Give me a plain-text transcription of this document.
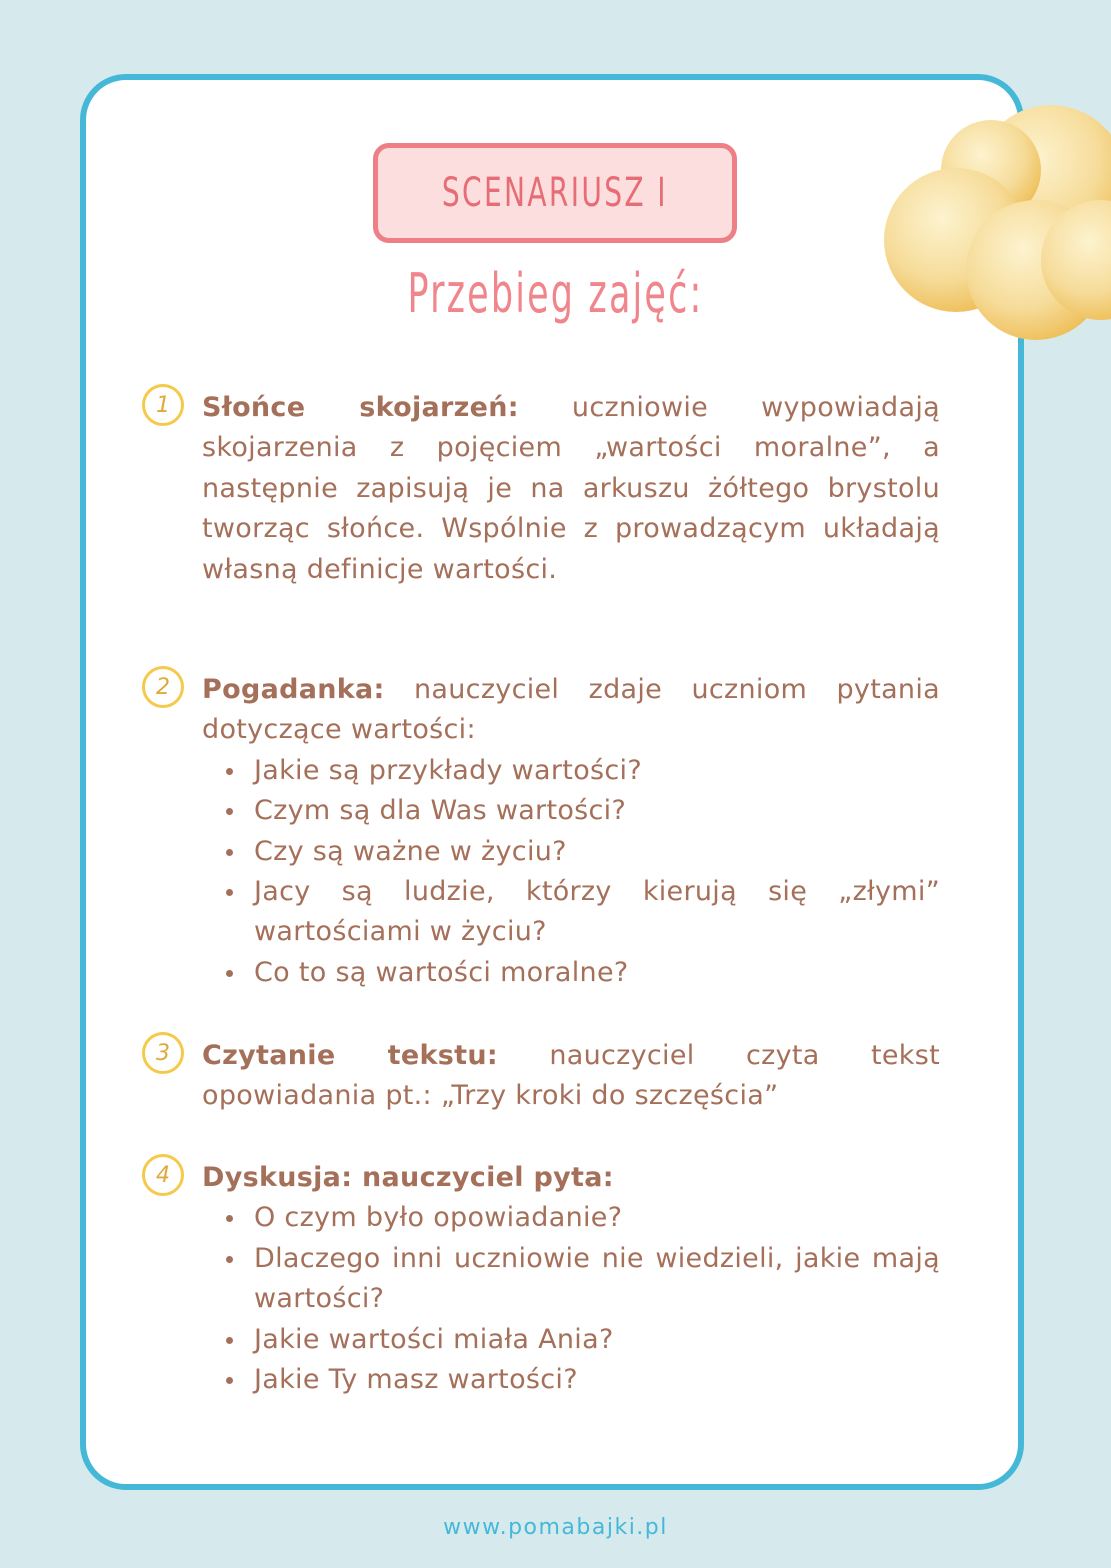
SCENARIUSZ I
Przebieg zajęć:
1	Słońce skojarzeń: uczniowie wypowiadają skojarzenia z pojęciem „wartości moralne”, a następnie zapisują je na arkuszu żółtego brystolu tworząc słońce. Wspólnie z prowadzącym układają własną definicje wartości.

2	Pogadanka: nauczyciel zdaje uczniom pytania dotyczące wartości:

Jakie są przykłady wartości?
Czym są dla Was wartości?
Czy są ważne w życiu?
Jacy są ludzie, którzy kierują się „złymi” wartościami w życiu?
Co to są wartości moralne?
3	Czytanie tekstu: nauczyciel czyta tekst opowiadania pt.: „Trzy kroki do szczęścia”

4	Dyskusja: nauczyciel pyta:

O czym było opowiadanie?
Dlaczego inni uczniowie nie wiedzieli, jakie mają wartości?
Jakie wartości miała Ania?
Jakie Ty masz wartości?
www.pomabajki.pl
